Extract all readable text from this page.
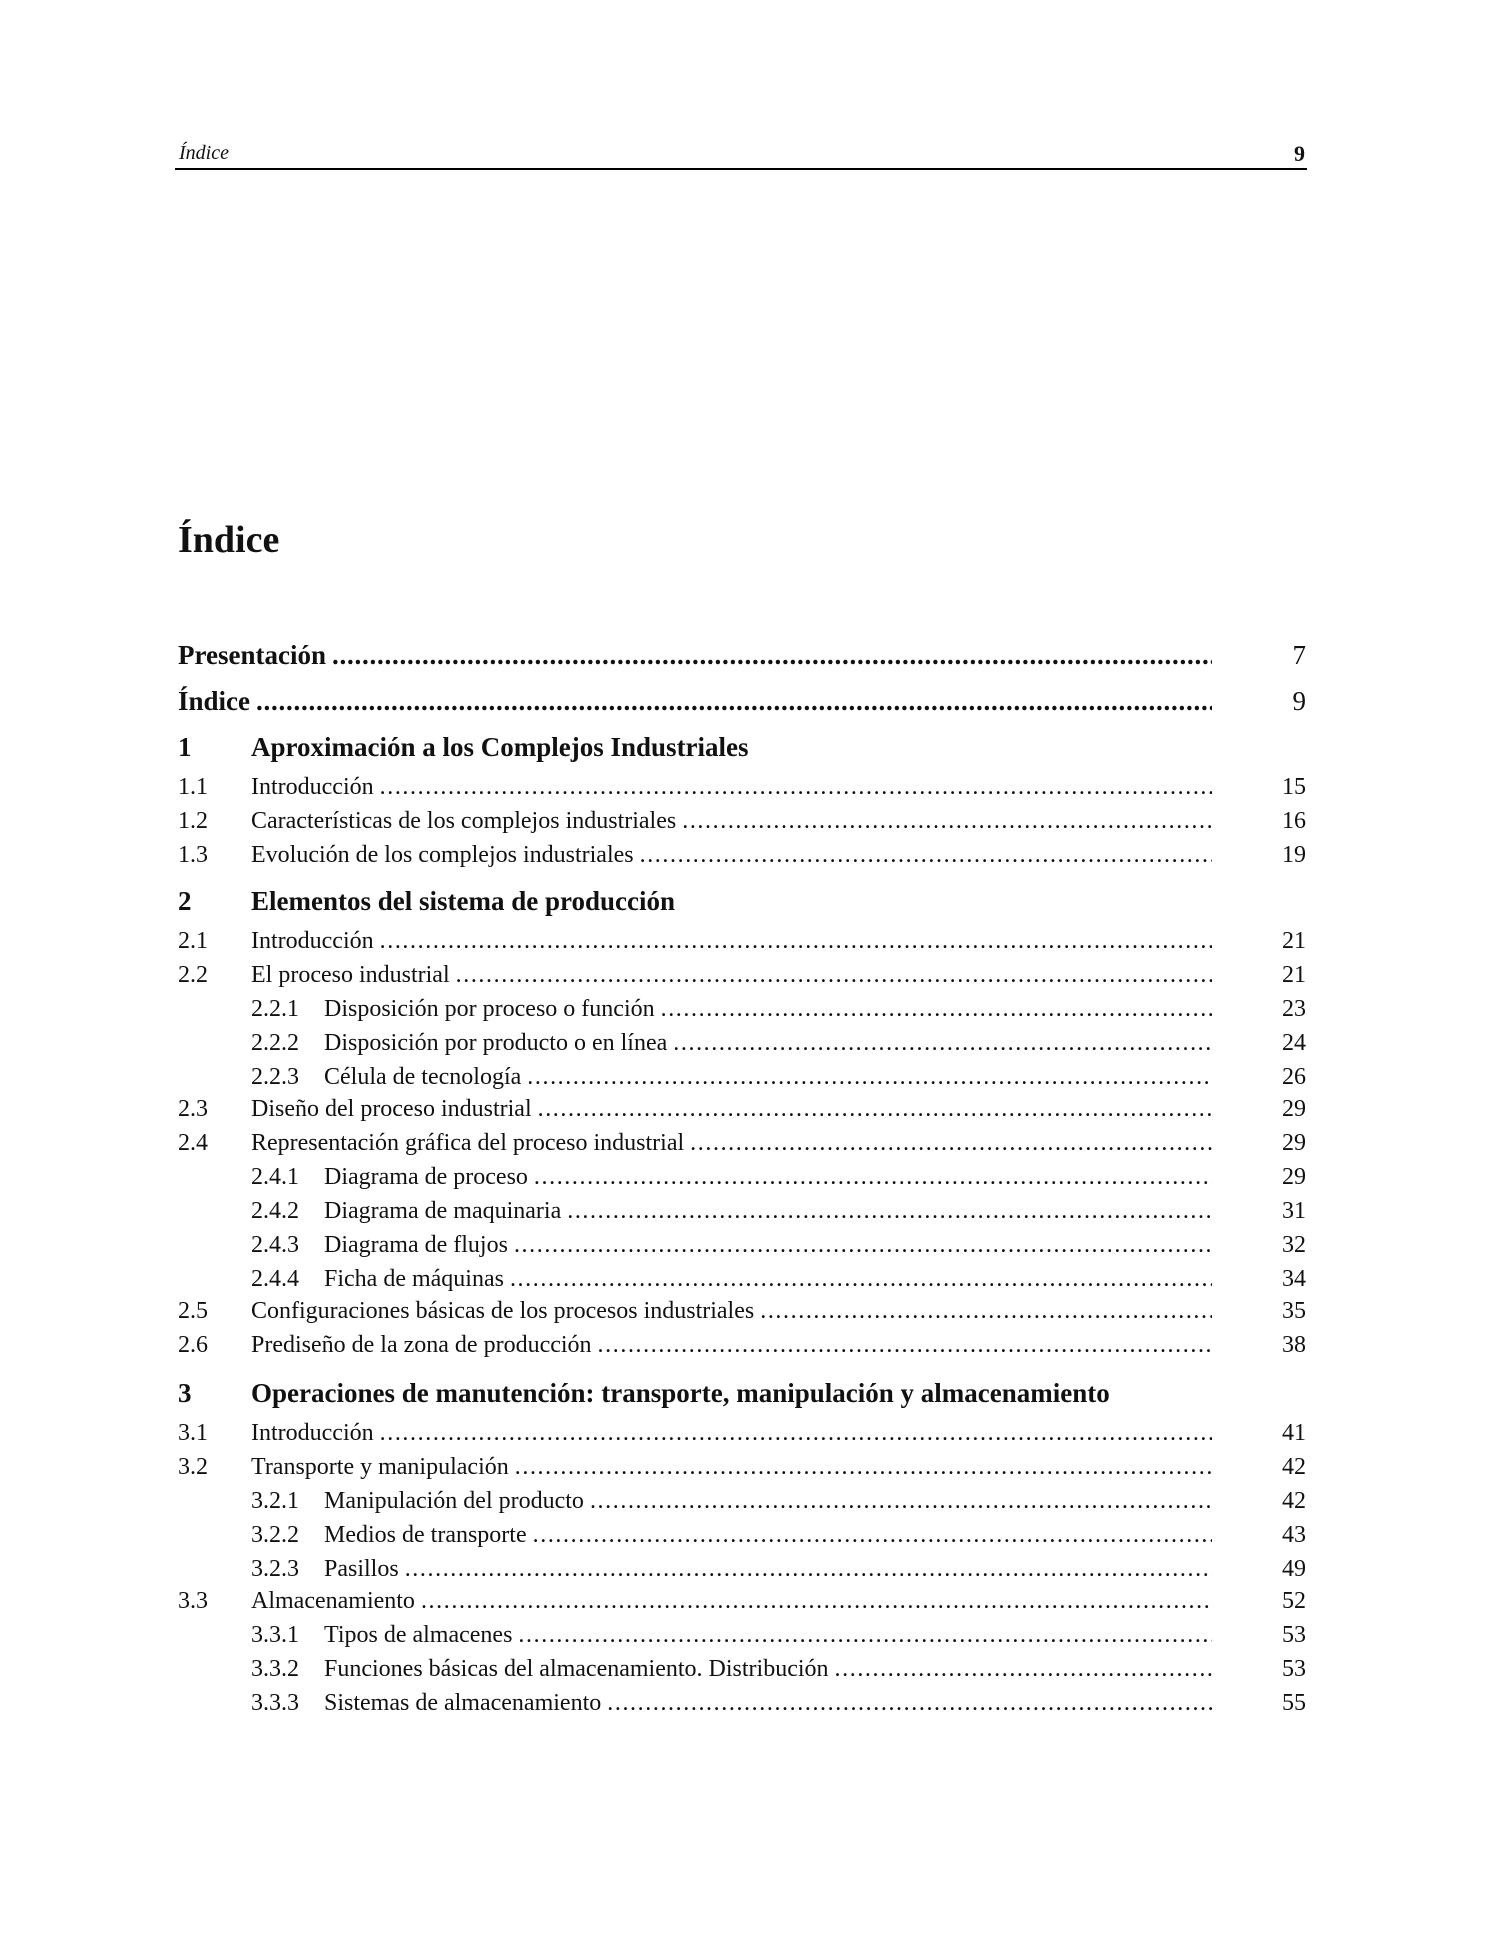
Índice	9
Índice
Presentación . . .	7
Índice . . .	9
1	Aproximación a los Complejos Industriales
1.1	Introducción . . .	15
1.2	Características de los complejos industriales . . .	16
1.3	Evolución de los complejos industriales . . .	19
2	Elementos del sistema de producción
2.1	Introducción . . .	21
2.2	El proceso industrial . . .	21
2.2.1	Disposición por proceso o función . . .	23
2.2.2	Disposición por producto o en línea . . .	24
2.2.3	Célula de tecnología . . .	26
2.3	Diseño del proceso industrial . . .	29
2.4	Representación gráfica del proceso industrial . . .	29
2.4.1	Diagrama de proceso . . .	29
2.4.2	Diagrama de maquinaria . . .	31
2.4.3	Diagrama de flujos . . .	32
2.4.4	Ficha de máquinas . . .	34
2.5	Configuraciones básicas de los procesos industriales . . .	35
2.6	Prediseño de la zona de producción . . .	38
3	Operaciones de manutención: transporte, manipulación y almacenamiento
3.1	Introducción . . .	41
3.2	Transporte y manipulación . . .	42
3.2.1	Manipulación del producto . . .	42
3.2.2	Medios de transporte . . .	43
3.2.3	Pasillos . . .	49
3.3	Almacenamiento . . .	52
3.3.1	Tipos de almacenes . . .	53
3.3.2	Funciones básicas del almacenamiento. Distribución . . .	53
3.3.3	Sistemas de almacenamiento . . .	55
